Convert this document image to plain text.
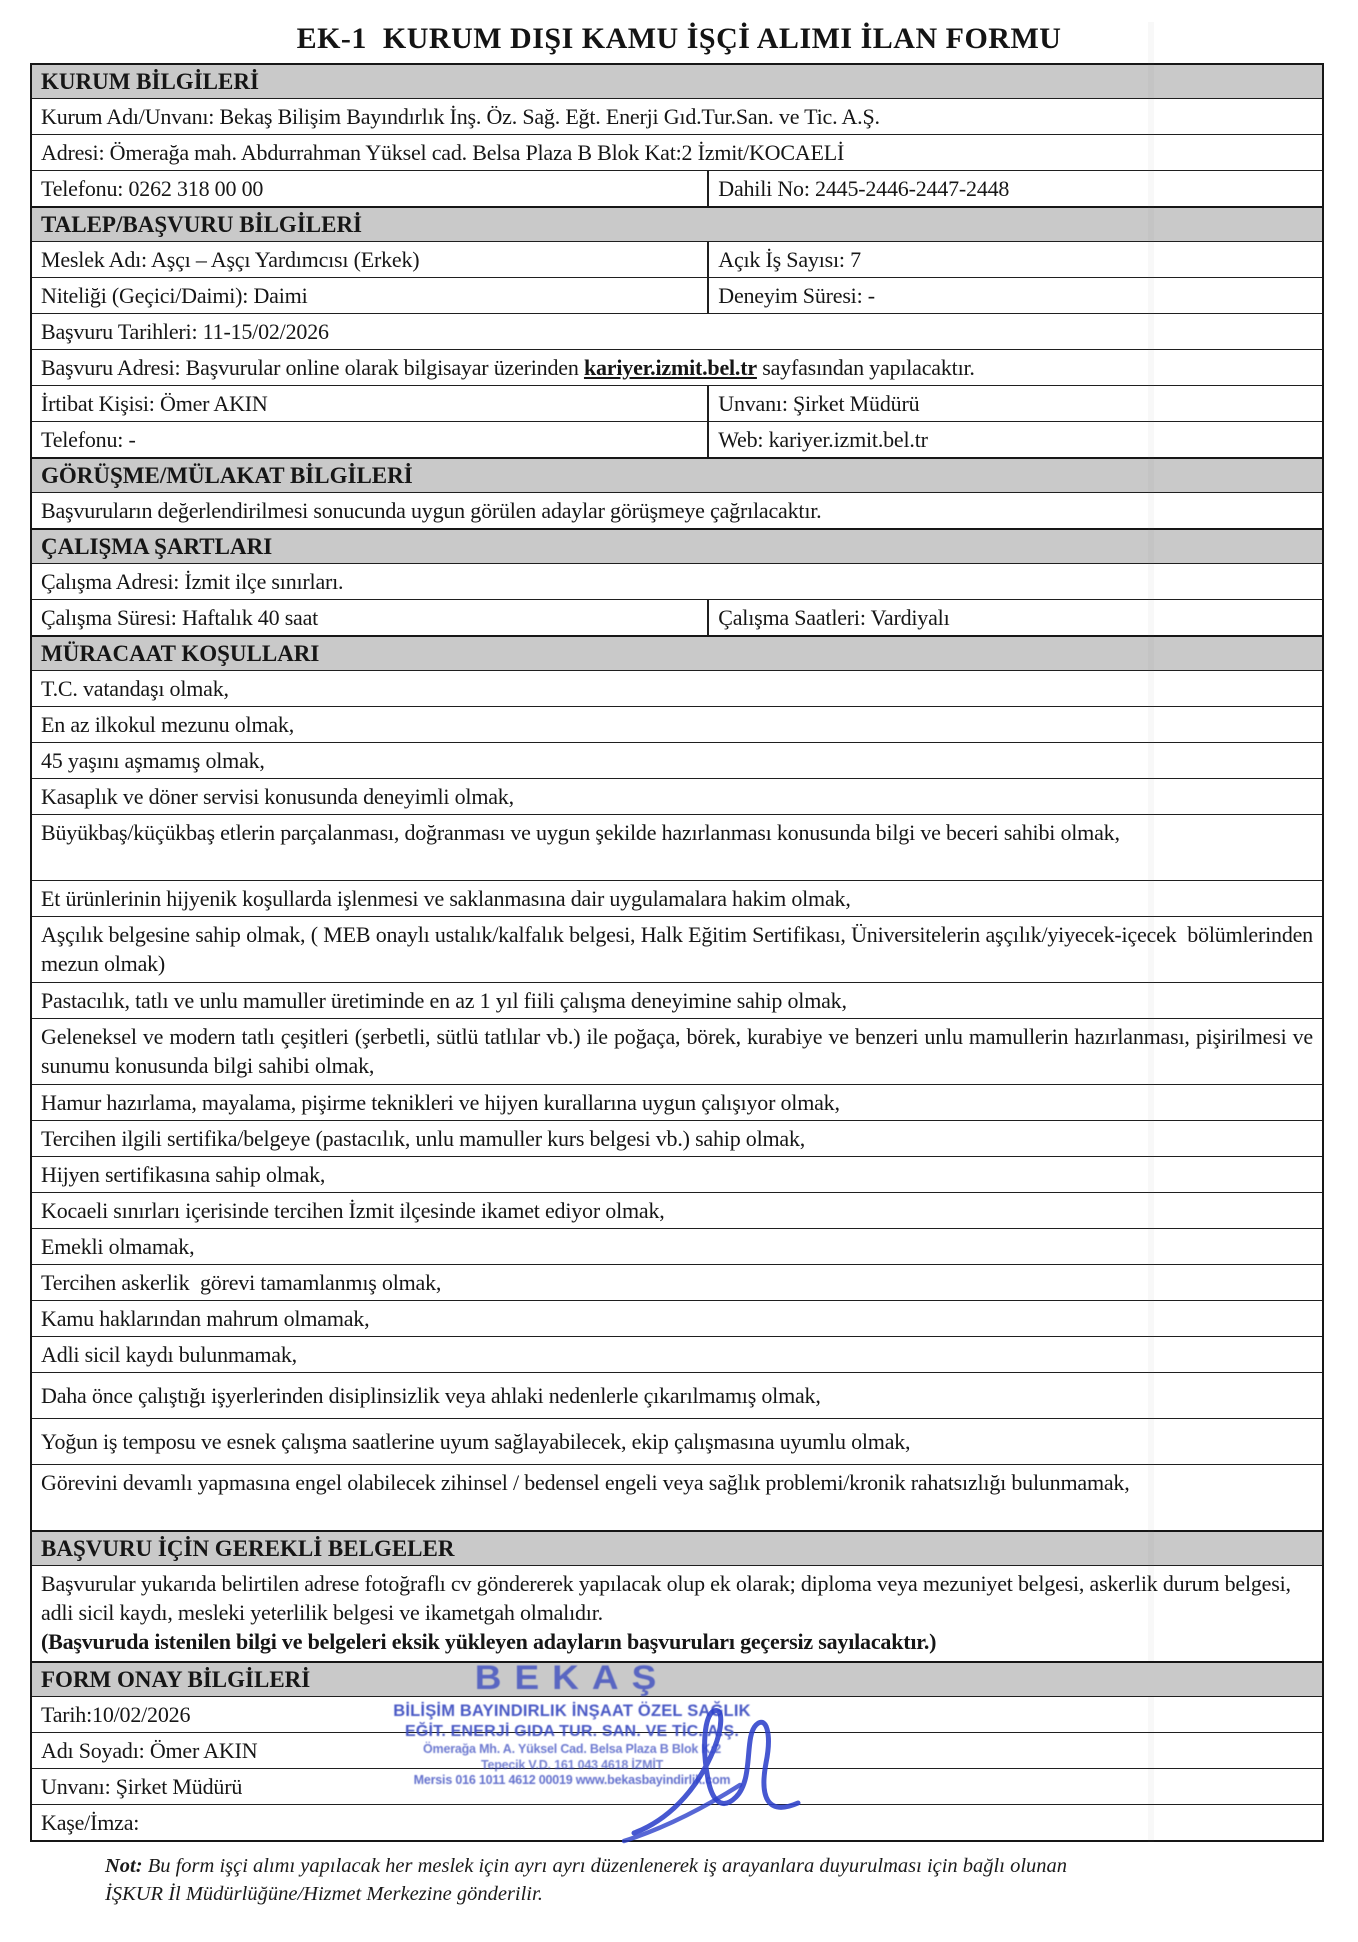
EK-1  KURUM DIŞI KAMU İŞÇİ ALIMI İLAN FORMU
KURUM BİLGİLERİ
Kurum Adı/Unvanı: Bekaş Bilişim Bayındırlık İnş. Öz. Sağ. Eğt. Enerji Gıd.Tur.San. ve Tic. A.Ş.
Adresi: Ömerağa mah. Abdurrahman Yüksel cad. Belsa Plaza B Blok Kat:2 İzmit/KOCAELİ
Telefonu: 0262 318 00 00	Dahili No: 2445-2446-2447-2448
TALEP/BAŞVURU BİLGİLERİ
Meslek Adı: Aşçı – Aşçı Yardımcısı (Erkek)	Açık İş Sayısı: 7
Niteliği (Geçici/Daimi): Daimi	Deneyim Süresi: -
Başvuru Tarihleri: 11-15/02/2026
Başvuru Adresi: Başvurular online olarak bilgisayar üzerinden kariyer.izmit.bel.tr sayfasından yapılacaktır.
İrtibat Kişisi: Ömer AKIN	Unvanı: Şirket Müdürü
Telefonu: -	Web: kariyer.izmit.bel.tr
GÖRÜŞME/MÜLAKAT BİLGİLERİ
Başvuruların değerlendirilmesi sonucunda uygun görülen adaylar görüşmeye çağrılacaktır.
ÇALIŞMA ŞARTLARI
Çalışma Adresi: İzmit ilçe sınırları.
Çalışma Süresi: Haftalık 40 saat	Çalışma Saatleri: Vardiyalı
MÜRACAAT KOŞULLARI
T.C. vatandaşı olmak,
En az ilkokul mezunu olmak,
45 yaşını aşmamış olmak,
Kasaplık ve döner servisi konusunda deneyimli olmak,
Büyükbaş/küçükbaş etlerin parçalanması, doğranması ve uygun şekilde hazırlanması konusunda bilgi ve beceri sahibi olmak,
Et ürünlerinin hijyenik koşullarda işlenmesi ve saklanmasına dair uygulamalara hakim olmak,
Aşçılık belgesine sahip olmak, ( MEB onaylı ustalık/kalfalık belgesi, Halk Eğitim Sertifikası, Üniversitelerin aşçılık/yiyecek-içecek  bölümlerinden mezun olmak)
Pastacılık, tatlı ve unlu mamuller üretiminde en az 1 yıl fiili çalışma deneyimine sahip olmak,
Geleneksel ve modern tatlı çeşitleri (şerbetli, sütlü tatlılar vb.) ile poğaça, börek, kurabiye ve benzeri unlu mamullerin hazırlanması, pişirilmesi ve sunumu konusunda bilgi sahibi olmak,
Hamur hazırlama, mayalama, pişirme teknikleri ve hijyen kurallarına uygun çalışıyor olmak,
Tercihen ilgili sertifika/belgeye (pastacılık, unlu mamuller kurs belgesi vb.) sahip olmak,
Hijyen sertifikasına sahip olmak,
Kocaeli sınırları içerisinde tercihen İzmit ilçesinde ikamet ediyor olmak,
Emekli olmamak,
Tercihen askerlik  görevi tamamlanmış olmak,
Kamu haklarından mahrum olmamak,
Adli sicil kaydı bulunmamak,
Daha önce çalıştığı işyerlerinden disiplinsizlik veya ahlaki nedenlerle çıkarılmamış olmak,
Yoğun iş temposu ve esnek çalışma saatlerine uyum sağlayabilecek, ekip çalışmasına uyumlu olmak,
Görevini devamlı yapmasına engel olabilecek zihinsel / bedensel engeli veya sağlık problemi/kronik rahatsızlığı bulunmamak,
BAŞVURU İÇİN GEREKLİ BELGELER
Başvurular yukarıda belirtilen adrese fotoğraflı cv göndererek yapılacak olup ek olarak; diploma veya mezuniyet belgesi, askerlik durum belgesi, adli sicil kaydı, mesleki yeterlilik belgesi ve ikametgah olmalıdır.
(Başvuruda istenilen bilgi ve belgeleri eksik yükleyen adayların başvuruları geçersiz sayılacaktır.)
FORM ONAY BİLGİLERİ
Tarih:10/02/2026
Adı Soyadı: Ömer AKIN
Unvanı: Şirket Müdürü
Kaşe/İmza:
BEKAŞ
BİLİŞİM BAYINDIRLIK İNŞAAT ÖZEL SAĞLIK
EĞİT. ENERJİ GIDA TUR. SAN. VE TİC. A.Ş.
Ömerağa Mh. A. Yüksel Cad. Belsa Plaza B Blok K:2
Tepecik V.D. 161 043 4618 İZMİT
Mersis 016 1011 4612 00019 www.bekasbayindirlik.com
Not: Bu form işçi alımı yapılacak her meslek için ayrı ayrı düzenlenerek iş arayanlara duyurulması için bağlı olunan İŞKUR İl Müdürlüğüne/Hizmet Merkezine gönderilir.
